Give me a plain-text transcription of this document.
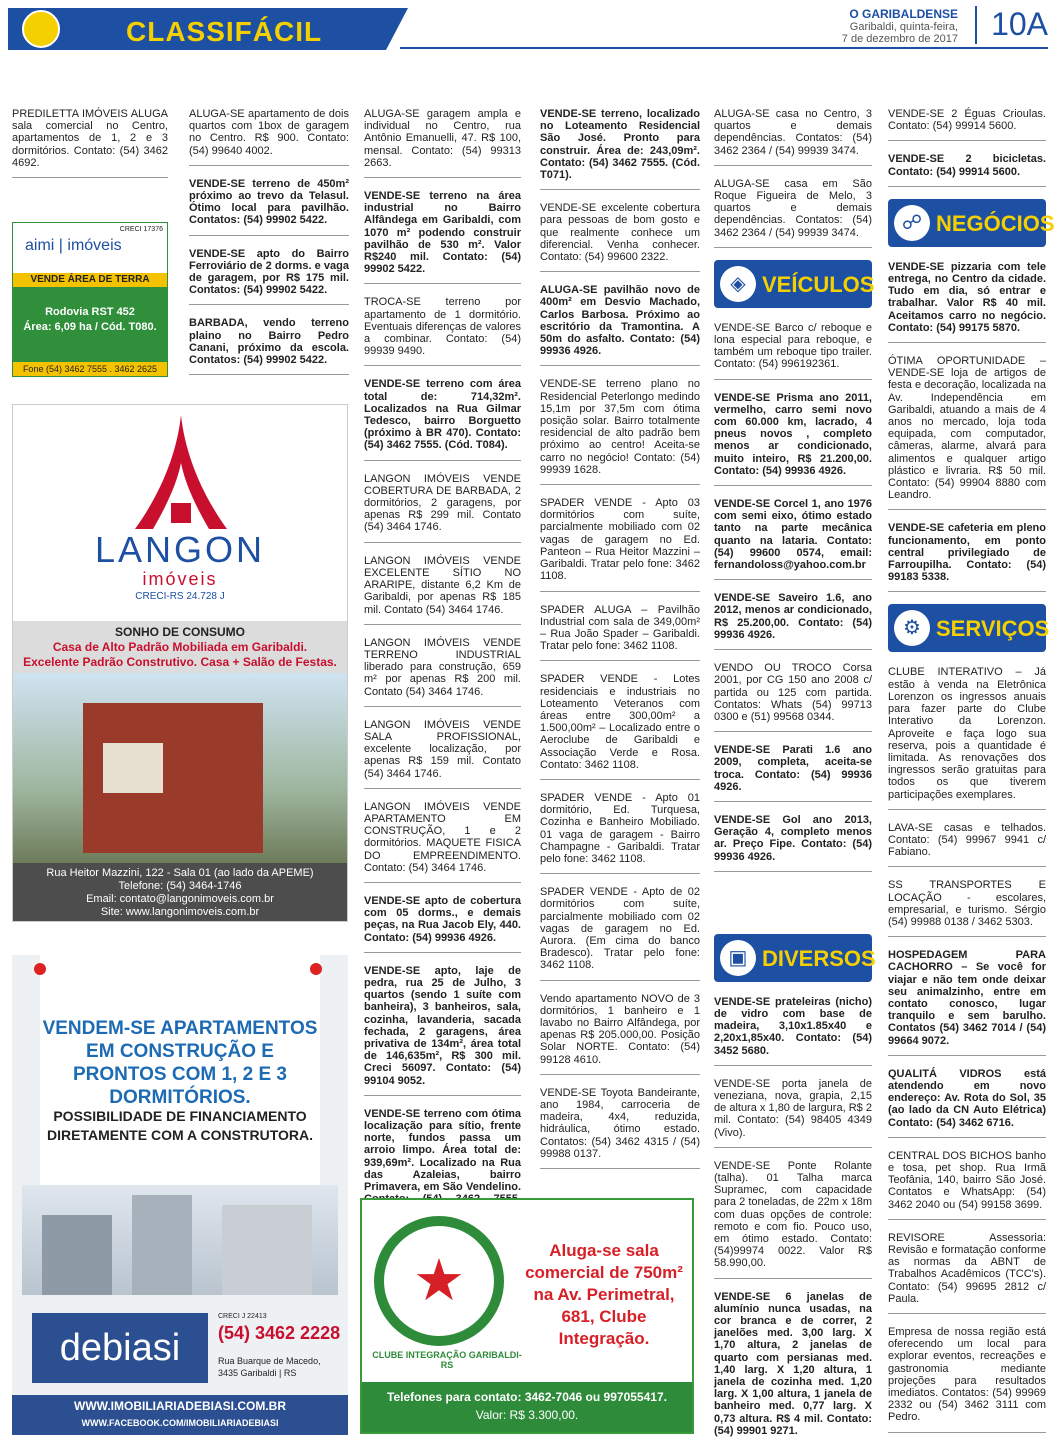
CLASSIFÁCIL
O GARIBALDENSE
Garibaldi, quinta-feira,
7 de dezembro de 2017	10A
PREDILETTA IMÓVEIS ALUGA sala comercial no Centro, apartamentos de 1, 2 e 3 dormitórios. Contato: (54) 3462 4692.
CRECI 17376
aimi | imóveis
VENDE ÁREA DE TERRA
Rodovia RST 452
Área: 6,09 ha / Cód. T080.
Fone (54) 3462 7555 . 3462 2625
LANGON
imóveis
CRECI-RS 24.728 J
SONHO DE CONSUMO
Casa de Alto Padrão Mobiliada em Garibaldi.
Excelente Padrão Construtivo. Casa + Salão de Festas.
Rua Heitor Mazzini, 122 - Sala 01 (ao lado da APEME)
Telefone: (54) 3464-1746
Email: contato@langonimoveis.com.br
Site: www.langonimoveis.com.br
VENDEM-SE APARTAMENTOS EM CONSTRUÇÃO E PRONTOS COM 1, 2 E 3 DORMITÓRIOS.
POSSIBILIDADE DE FINANCIAMENTO DIRETAMENTE COM A CONSTRUTORA.
debiasi
CRECI J 22413
(54) 3462 2228
Rua Buarque de Macedo, 3435 Garibaldi | RS
WWW.IMOBILIARIADEBIASI.COM.BR
WWW.FACEBOOK.COM/IMOBILIARIADEBIASI
ALUGA-SE apartamento de dois quartos com 1box de garagem no Centro. R$ 900. Contato: (54) 99640 4002.
VENDE-SE terreno de 450m² próximo ao trevo da Telasul. Ótimo local para pavilhão. Contatos: (54) 99902 5422.
VENDE-SE apto do Bairro Ferroviário de 2 dorms. e vaga de garagem, por R$ 175 mil. Contatos: (54) 99902 5422.
BARBADA, vendo terreno plaino no Bairro Pedro Canani, próximo da escola. Contatos: (54) 99902 5422.
ALUGA-SE garagem ampla e individual no Centro, rua Antônio Emanuelli, 47. R$ 100, mensal. Contato: (54) 99313 2663.
VENDE-SE terreno na área industrial no Bairro Alfândega em Garibaldi, com 1070 m² podendo construir pavilhão de 530 m². Valor R$240 mil. Contato: (54) 99902 5422.
TROCA-SE terreno por apartamento de 1 dormitório. Eventuais diferenças de valores a combinar. Contato: (54) 99939 9490.
VENDE-SE terreno com área total de: 714,32m². Localizados na Rua Gilmar Tedesco, bairro Borguetto (próximo à BR 470). Contato: (54) 3462 7555. (Cód. T084).
LANGON IMÓVEIS VENDE COBERTURA DE BARBADA, 2 dormitórios, 2 garagens, por apenas R$ 299 mil. Contato (54) 3464 1746.
LANGON IMÓVEIS VENDE EXCELENTE SÍTIO NO ARARIPE, distante 6,2 Km de Garibaldi, por apenas R$ 185 mil. Contato (54) 3464 1746.
LANGON IMÓVEIS VENDE TERRENO INDUSTRIAL liberado para construção, 659 m² por apenas R$ 200 mil. Contato (54) 3464 1746.
LANGON IMÓVEIS VENDE SALA PROFISSIONAL, excelente localização, por apenas R$ 159 mil. Contato (54) 3464 1746.
LANGON IMÓVEIS VENDE APARTAMENTO EM CONSTRUÇÃO, 1 e 2 dormitórios. MAQUETE FISICA DO EMPREENDIMENTO. Contato: (54) 3464 1746.
VENDE-SE apto de cobertura com 05 dorms., e demais peças, na Rua Jacob Ely, 440. Contato: (54) 99936 4926.
VENDE-SE apto, laje de pedra, rua 25 de Julho, 3 quartos (sendo 1 suíte com banheira), 3 banheiros, sala, cozinha, lavanderia, sacada fechada, 2 garagens, área privativa de 134m², área total de 146,635m², R$ 300 mil. Creci 56097. Contato: (54) 99104 9052.
VENDE-SE terreno com ótima localização para sítio, frente norte, fundos passa um arroio limpo. Área total de: 939,69m². Localizado na Rua das Azaleias, bairro Primavera, em São Vendelino.
VENDE-SE terreno, localizado no Loteamento Residencial São José. Pronto para construir. Área de: 243,09m². Contato: (54) 3462 7555. (Cód. T071).
VENDE-SE excelente cobertura para pessoas de bom gosto e que realmente conhece um diferencial. Venha conhecer. Contato: (54) 99600 2322.
ALUGA-SE pavilhão novo de 400m² em Desvio Machado, Carlos Barbosa. Próximo ao escritório da Tramontina. A 50m do asfalto. Contato: (54) 99936 4926.
VENDE-SE terreno plano no Residencial Peterlongo medindo 15,1m por 37,5m com ótima posição solar. Bairro totalmente residencial de alto padrão bem próximo ao centro! Aceita-se carro no negócio! Contato: (54) 99939 1628.
SPADER VENDE - Apto 03 dormitórios com suíte, parcialmente mobiliado com 02 vagas de garagem no Ed. Panteon – Rua Heitor Mazzini – Garibaldi. Tratar pelo fone: 3462 1108.
SPADER ALUGA – Pavilhão Industrial com sala de 349,00m² – Rua João Spader – Garibaldi. Tratar pelo fone: 3462 1108.
SPADER VENDE - Lotes residenciais e industriais no Loteamento Veteranos com áreas entre 300,00m² a 1.500,00m² – Localizado entre o Aeroclube de Garibaldi e Associação Verde e Rosa. Contato: 3462 1108.
SPADER VENDE - Apto 01 dormitório, Ed. Turquesa, Cozinha e Banheiro Mobiliado. 01 vaga de garagem - Bairro Champagne - Garibaldi. Tratar pelo fone: 3462 1108.
SPADER VENDE - Apto de 02 dormitórios com suíte, parcialmente mobiliado com 02 vagas de garagem no Ed. Aurora. (Em cima do banco Bradesco). Tratar pelo fone: 3462 1108.
Vendo apartamento NOVO de 3 dormitórios, 1 banheiro e 1 lavabo no Bairro Alfândega, por apenas R$ 205.000,00. Posição Solar NORTE. Contato: (54) 99128 4610.
VENDE-SE Toyota Bandeirante, ano 1984, carroceria de madeira, 4x4, reduzida, hidráulica, ótimo estado. Contatos: (54) 3462 4315 / (54) 99988 0137.
★
CLUBE INTEGRAÇÃO GARIBALDI-RS
Aluga-se sala comercial de 750m² na Av. Perimetral, 681, Clube Integração.
Telefones para contato: 3462-7046 ou 997055417.
Valor: R$ 3.300,00.
ALUGA-SE casa no Centro, 3 quartos e demais dependências. Contatos: (54) 3462 2364 / (54) 99939 3474.
ALUGA-SE casa em São Roque Figueira de Melo, 3 quartos e demais dependências. Contatos: (54) 3462 2364 / (54) 99939 3474.
◈ VEÍCULOS
VENDE-SE Barco c/ reboque e lona especial para reboque, e também um reboque tipo trailer. Contato: (54) 996192361.
VENDE-SE Prisma ano 2011, vermelho, carro semi novo com 60.000 km, lacrado, 4 pneus novos , completo menos ar condicionado, muito inteiro, R$ 21.200,00. Contato: (54) 99936 4926.
VENDE-SE Corcel 1, ano 1976 com semi eixo, ótimo estado tanto na parte mecânica quanto na lataria. Contato: (54) 99600 0574, email: fernandoloss@yahoo.com.br
VENDE-SE Saveiro 1.6, ano 2012, menos ar condicionado, R$ 25.200,00. Contato: (54) 99936 4926.
VENDO OU TROCO Corsa 2001, por CG 150 ano 2008 c/ partida ou 125 com partida. Contatos: Whats (54) 99713 0300 e (51) 99568 0344.
VENDE-SE Parati 1.6 ano 2009, completa, aceita-se troca. Contato: (54) 99936 4926.
VENDE-SE Gol ano 2013, Geração 4, completo menos ar. Preço Fipe. Contato: (54) 99936 4926.
▣ DIVERSOS
VENDE-SE prateleiras (nicho) de vidro com base de madeira, 3,10x1.85x40 e 2,20x1,85x40. Contato: (54) 3452 5680.
VENDE-SE porta janela de veneziana, nova, grapia, 2,15 de altura x 1,80 de largura, R$ 2 mil. Contato: (54) 98405 4349 (Vivo).
VENDE-SE Ponte Rolante (talha). 01 Talha marca Supramec, com capacidade para 2 toneladas, de 22m x 18m com duas opções de controle: remoto e com fio. Pouco uso, em ótimo estado. Contato: (54)99974 0022. Valor R$ 58.990,00.
VENDE-SE 6 janelas de alumínio nunca usadas, na cor branca e de correr, 2 janelões med. 3,00 larg. X 1,70 altura, 2 janelas de quarto com persianas med. 1,40 larg. X 1,20 altura, 1 janela de cozinha med. 1,20 larg. X 1,00 altura, 1 janela de banheiro med. 0,77 larg. X 0,73 altura. R$ 4 mil. Contato: (54) 99901 9271.
VENDE-SE 2 Éguas Crioulas. Contato: (54) 99914 5600.
VENDE-SE 2 bicicletas. Contato: (54) 99914 5600.
☍ NEGÓCIOS
VENDE-SE pizzaria com tele entrega, no Centro da cidade. Tudo em dia, só entrar e trabalhar. Valor R$ 40 mil. Aceitamos carro no negócio. Contato: (54) 99175 5870.
ÓTIMA OPORTUNIDADE – VENDE-SE loja de artigos de festa e decoração, localizada na Av. Independência em Garibaldi, atuando a mais de 4 anos no mercado, loja toda equipada, com computador, câmeras, alarme, alvará para alimentos e qualquer artigo plástico e livraria. R$ 50 mil. Contato: (54) 99904 8880 com Leandro.
VENDE-SE cafeteria em pleno funcionamento, em ponto central privilegiado de Farroupilha. Contato: (54) 99183 5338.
⚙ SERVIÇOS
CLUBE INTERATIVO – Já estão à venda na Eletrônica Lorenzon os ingressos anuais para fazer parte do Clube Interativo da Lorenzon. Aproveite e faça logo sua reserva, pois a quantidade é limitada. As renovações dos ingressos serão gratuitas para todos os que tiverem participações exemplares.
LAVA-SE casas e telhados. Contato: (54) 99967 9941 c/ Fabiano.
SS TRANSPORTES E LOCAÇÃO - escolares, empresarial, e turismo. Sérgio (54) 99988 0138 / 3462 5303.
HOSPEDAGEM PARA CACHORRO – Se você for viajar e não tem onde deixar seu animalzinho, entre em contato conosco, lugar tranquilo e sem barulho. Contatos (54) 3462 7014 / (54) 99664 9072.
QUALITÁ VIDROS está atendendo em novo endereço: Av. Rota do Sol, 35 (ao lado da CN Auto Elétrica) Contato: (54) 3462 6716.
CENTRAL DOS BICHOS banho e tosa, pet shop. Rua Irmã Teofânia, 140, bairro São José. Contatos e WhatsApp: (54) 3462 2040 ou (54) 99158 3699.
REVISORE Assessoria: Revisão e formatação conforme as normas da ABNT de Trabalhos Acadêmicos (TCC's). Contato: (54) 99695 2812 c/ Paula.
Empresa de nossa região está oferecendo um local para explorar eventos, recreações e gastronomia mediante projeções para resultados imediatos. Contatos: (54) 99969 2332 ou (54) 3462 3111 com Pedro.
